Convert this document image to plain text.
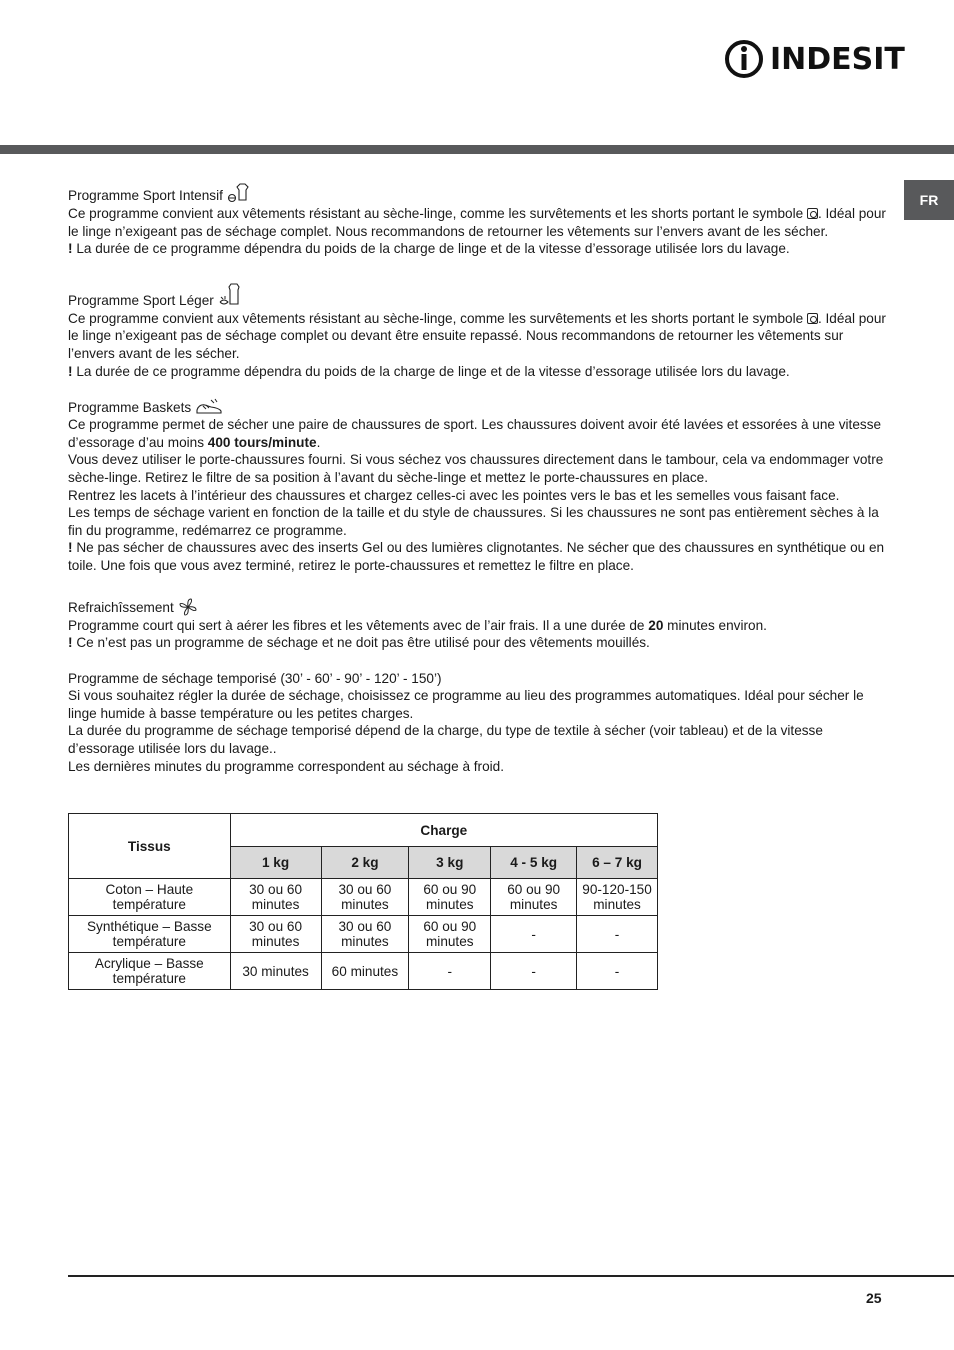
INDESIT
FR
Programme Sport Intensif

Ce programme convient aux vêtements résistant au sèche-linge, comme les survêtements et les shorts portant le symbole . Idéal pour le linge n’exigeant pas de séchage complet. Nous recommandons de retourner les vêtements sur l’envers avant de les sécher.

! La durée de ce programme dépendra du poids de la charge de linge et de la vitesse d’essorage utilisée lors du lavage.

Programme Sport Léger

Ce programme convient aux vêtements résistant au sèche-linge, comme les survêtements et les shorts portant le symbole . Idéal pour le linge n’exigeant pas de séchage complet ou devant être ensuite repassé. Nous recommandons de retourner les vêtements sur l’envers avant de les sécher.

! La durée de ce programme dépendra du poids de la charge de linge et de la vitesse d’essorage utilisée lors du lavage.

Programme Baskets

Ce programme permet de sécher une paire de chaussures de sport. Les chaussures doivent avoir été lavées et essorées à une vitesse d’essorage d’au moins 400 tours/minute.

Vous devez utiliser le porte-chaussures fourni. Si vous séchez vos chaussures directement dans le tambour, cela va endommager votre sèche-linge. Retirez le filtre de sa position à l’avant du sèche-linge et mettez le porte-chaussures en place.

Rentrez les lacets à l’intérieur des chaussures et chargez celles-ci avec les pointes vers le bas et les semelles vous faisant face.

Les temps de séchage varient en fonction de la taille et du style de chaussures. Si les chaussures ne sont pas entièrement sèches à la fin du programme, redémarrez ce programme.

! Ne pas sécher de chaussures avec des inserts Gel ou des lumières clignotantes. Ne sécher que des chaussures en synthétique ou en toile. Une fois que vous avez terminé, retirez le porte-chaussures et remettez le filtre en place.

Refraichîssement

Programme court qui sert à aérer les fibres et les vêtements avec de l’air frais. Il a une durée de 20 minutes environ.

! Ce n’est pas un programme de séchage et ne doit pas être utilisé pour des vêtements mouillés.

Programme de séchage temporisé (30’ - 60’ - 90’ - 120’ - 150’)

Si vous souhaitez régler la durée de séchage, choisissez ce programme au lieu des programmes automatiques. Idéal pour sécher le linge humide à basse température ou les petites charges.

La durée du programme de séchage temporisé dépend de la charge, du type de textile à sécher (voir tableau) et de la vitesse d’essorage utilisée lors du lavage..

Les dernières minutes du programme correspondent au séchage à froid.

Tissus	Charge				
	1 kg	2 kg	3 kg	4 - 5 kg	6 – 7 kg
Coton – Haute température	30 ou 60 minutes	30 ou 60 minutes	60 ou 90 minutes	60 ou 90 minutes	90-120-150 minutes
Synthétique – Basse température	30 ou 60 minutes	30 ou 60 minutes	60 ou 90 minutes	-	-
Acrylique – Basse température	30 minutes	60 minutes	-	-	-
25
